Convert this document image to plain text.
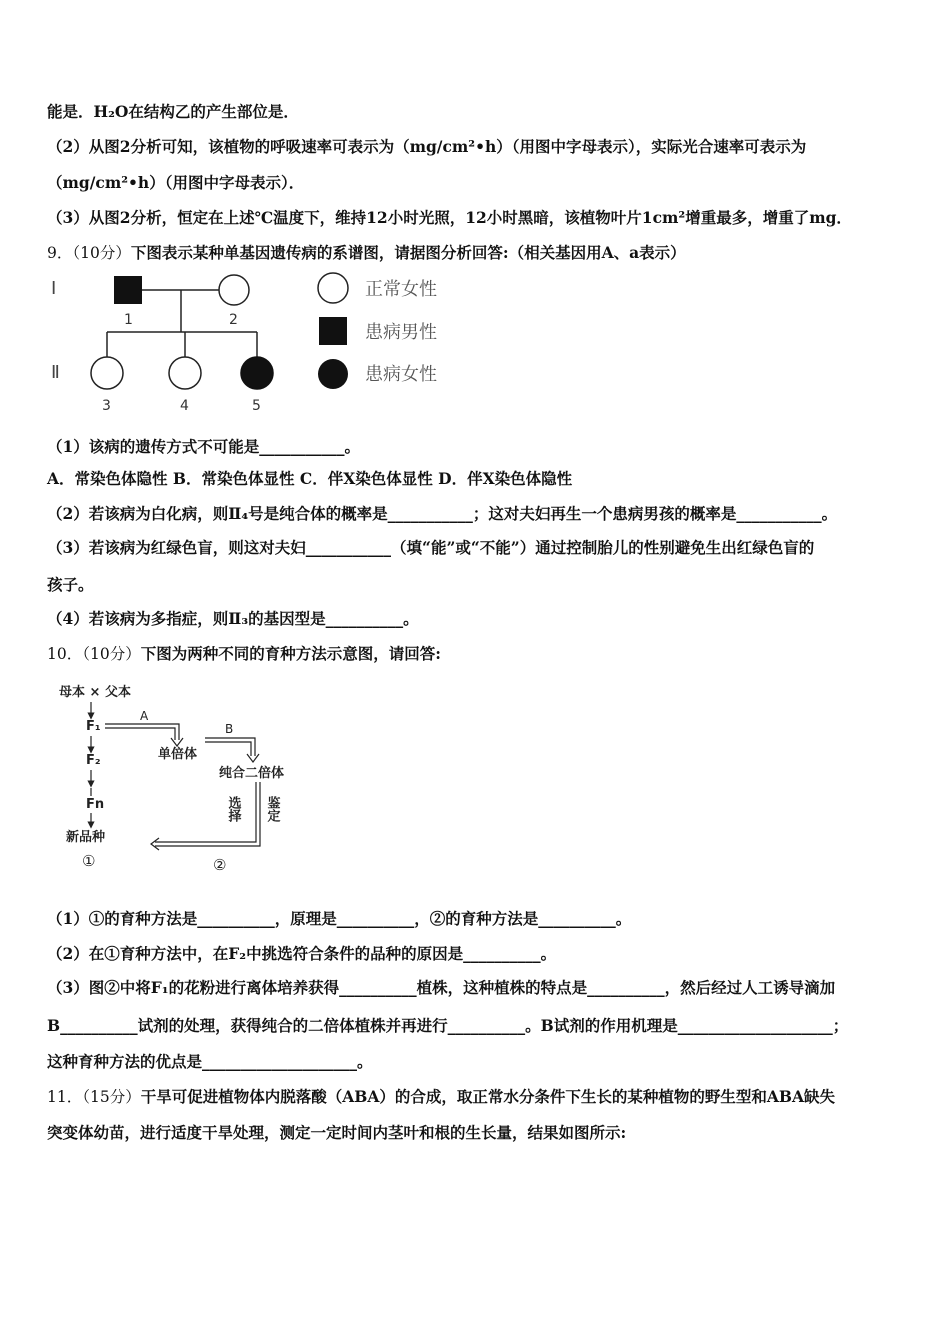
能是．H₂O在结构乙的产生部位是．
（2）从图2分析可知，该植物的呼吸速率可表示为（mg/cm²•h）（用图中字母表示），实际光合速率可表示为
（mg/cm²•h）（用图中字母表示）．
（3）从图2分析，恒定在上述℃温度下，维持12小时光照，12小时黑暗，该植物叶片1cm²增重最多，增重了mg．
9．（10分）下图表示某种单基因遗传病的系谱图，请据图分析回答:（相关基因用A、a表示）
Ⅰ
Ⅱ
1	2
3	4	5
正常女性
患病男性
患病女性
（1）该病的遗传方式不可能是___________。
A．常染色体隐性 B．常染色体显性 C．伴X染色体显性 D．伴X染色体隐性
（2）若该病为白化病，则Ⅱ₄号是纯合体的概率是___________；这对夫妇再生一个患病男孩的概率是___________。
（3）若该病为红绿色盲，则这对夫妇___________（填“能”或“不能”）通过控制胎儿的性别避免生出红绿色盲的
孩子。
（4）若该病为多指症，则Ⅱ₃的基因型是__________。
10．（10分）下图为两种不同的育种方法示意图，请回答:
母本 × 父本
F₁
F₂
Fn
新品种
①
A
单倍体
B
纯合二倍体
选择 鉴定
②
（1）①的育种方法是__________，原理是__________，②的育种方法是__________。
（2）在①育种方法中，在F₂中挑选符合条件的品种的原因是__________。
（3）图②中将F₁的花粉进行离体培养获得__________植株，这种植株的特点是__________，然后经过人工诱导滴加
B__________试剂的处理，获得纯合的二倍体植株并再进行__________。B试剂的作用机理是____________________；
这种育种方法的优点是____________________。
11．（15分）干旱可促进植物体内脱落酸（ABA）的合成，取正常水分条件下生长的某种植物的野生型和ABA缺失
突变体幼苗，进行适度干旱处理，测定一定时间内茎叶和根的生长量，结果如图所示:
